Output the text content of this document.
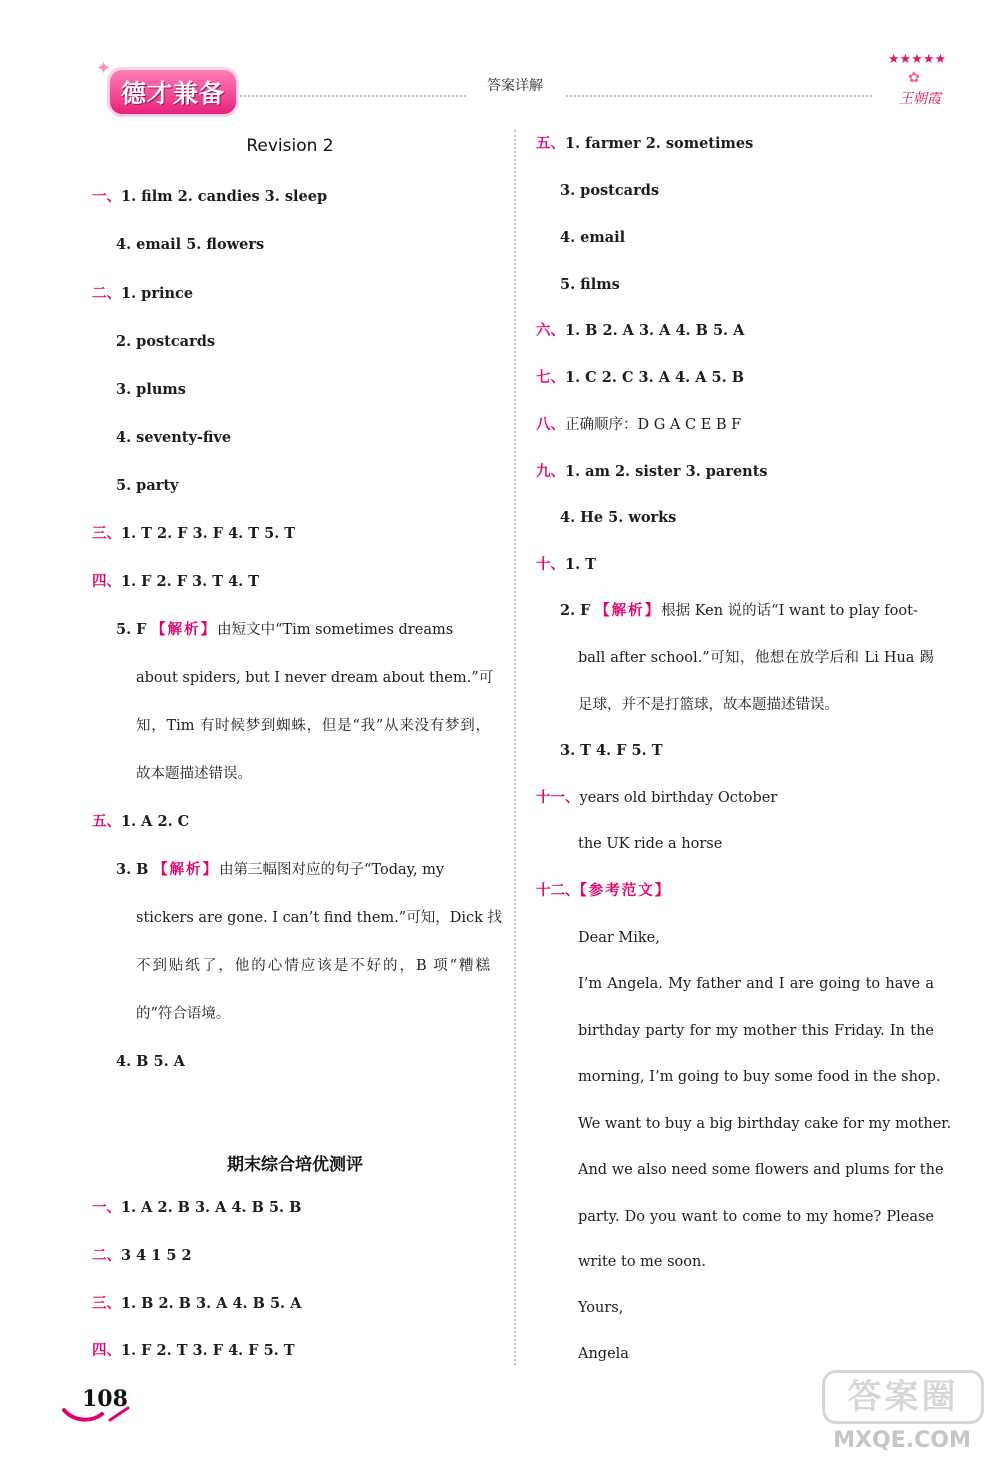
✦
德才兼备	答案详解
★★★★★
✿
王朝霞
Revision 2
一、1. film 2. candies 3. sleep
4. email 5. flowers
二、1. prince
2. postcards
3. plums
4. seventy-five
5. party
三、1. T 2. F 3. F 4. T 5. T
四、1. F 2. F 3. T 4. T
5. F 【解析】由短文中“Tim sometimes dreams
about spiders, but I never dream about them.”可
知，Tim 有时候梦到蜘蛛，但是“我”从来没有梦到，
故本题描述错误。
五、1. A 2. C
3. B 【解析】由第三幅图对应的句子“Today, my
stickers are gone. I can’t find them.”可知，Dick 找
不到贴纸了，他的心情应该是不好的，B 项“糟糕
的”符合语境。
4. B 5. A
期末综合培优测评
一、1. A 2. B 3. A 4. B 5. B
二、3 4 1 5 2
三、1. B 2. B 3. A 4. B 5. A
四、1. F 2. T 3. F 4. F 5. T
五、1. farmer 2. sometimes
3. postcards
4. email
5. films
六、1. B 2. A 3. A 4. B 5. A
七、1. C 2. C 3. A 4. A 5. B
八、正确顺序：D G A C E B F
九、1. am 2. sister 3. parents
4. He 5. works
十、1. T
2. F 【解析】根据 Ken 说的话“I want to play foot-
ball after school.”可知，他想在放学后和 Li Hua 踢
足球，并不是打篮球，故本题描述错误。
3. T 4. F 5. T
十一、years old birthday October
the UK ride a horse
十二、【参考范文】
Dear Mike,
I’m Angela. My father and I are going to have a
birthday party for my mother this Friday. In the
morning, I’m going to buy some food in the shop.
We want to buy a big birthday cake for my mother.
And we also need some flowers and plums for the
party. Do you want to come to my home? Please
write to me soon.
Yours,
Angela
108	答案圈
MXQE.COM
